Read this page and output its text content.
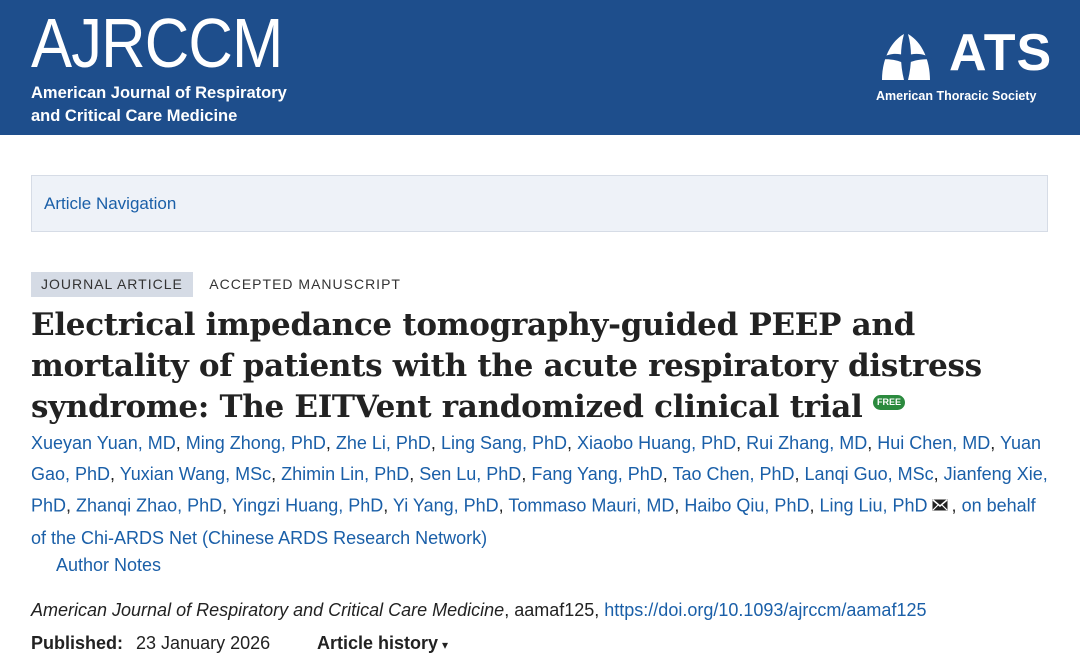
AJRCCM
American Journal of Respiratory
and Critical Care Medicine
ATS
American Thoracic Society
Article Navigation
JOURNAL ARTICLE ACCEPTED MANUSCRIPT
Electrical impedance tomography-guided PEEP and mortality of patients with the acute respiratory distress syndrome: The EITVent randomized clinical trial FREE
Xueyan Yuan, MD, Ming Zhong, PhD, Zhe Li, PhD, Ling Sang, PhD, Xiaobo Huang, PhD, Rui Zhang, MD, Hui Chen, MD, Yuan Gao, PhD, Yuxian Wang, MSc, Zhimin Lin, PhD, Sen Lu, PhD, Fang Yang, PhD, Tao Chen, PhD, Lanqi Guo, MSc, Jianfeng Xie, PhD, Zhanqi Zhao, PhD, Yingzi Huang, PhD, Yi Yang, PhD, Tommaso Mauri, MD, Haibo Qiu, PhD, Ling Liu, PhD , on behalf of the Chi-ARDS Net (Chinese ARDS Research Network)
Author Notes
American Journal of Respiratory and Critical Care Medicine, aamaf125, https://doi.org/10.1093/ajrccm/aamaf125
Published: 23 January 2026	Article history ▾
